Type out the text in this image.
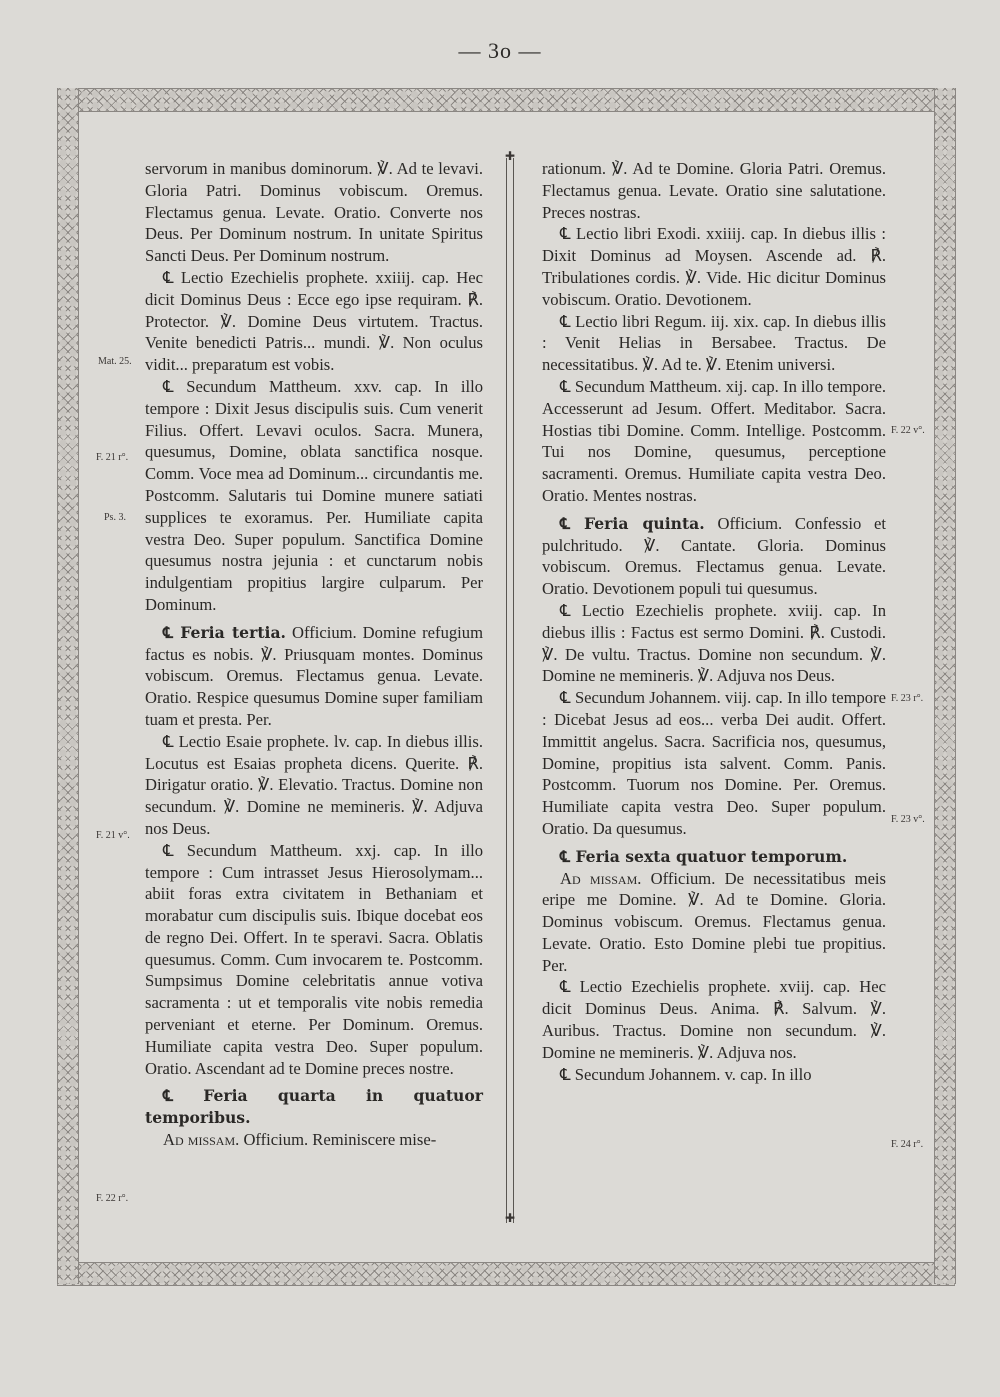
— 3o —

servorum in manibus dominorum. ℣. Ad te levavi. Gloria Patri. Dominus vobiscum. Oremus. Flectamus genua. Levate. Oratio. Converte nos Deus. Per Dominum nostrum. In unitate Spiritus Sancti Deus. Per Dominum nostrum.

℄ Lectio Ezechielis prophete. xxiiij. cap. Hec dicit Dominus Deus : Ecce ego ipse requiram. ℟. Protector. ℣. Domine Deus virtutem. Tractus. Venite benedicti Patris... mundi. ℣. Non oculus vidit... preparatum est vobis.

℄ Secundum Mattheum. xxv. cap. In illo tempore : Dixit Jesus discipulis suis. Cum venerit Filius. Offert. Levavi oculos. Sacra. Munera, quesumus, Domine, oblata sanctifica nosque. Comm. Voce mea ad Dominum... circundantis me. Postcomm. Salutaris tui Domine munere satiati supplices te exoramus. Per. Humiliate capita vestra Deo. Super populum. Sanctifica Domine quesumus nostra jejunia : et cunctarum nobis indulgentiam propitius largire culparum. Per Dominum.

℄ Feria tertia. Officium. Domine refugium factus es nobis. ℣. Priusquam montes. Dominus vobiscum. Oremus. Flectamus genua. Levate. Oratio. Respice quesumus Domine super familiam tuam et presta. Per.

℄ Lectio Esaie prophete. lv. cap. In diebus illis. Locutus est Esaias propheta dicens. Querite. ℟. Dirigatur oratio. ℣. Elevatio. Tractus. Domine non secundum. ℣. Domine ne memineris. ℣. Adjuva nos Deus.

℄ Secundum Mattheum. xxj. cap. In illo tempore : Cum intrasset Jesus Hierosolymam... abiit foras extra civitatem in Bethaniam et morabatur cum discipulis suis. Ibique docebat eos de regno Dei. Offert. In te speravi. Sacra. Oblatis quesumus. Comm. Cum invocarem te. Postcomm. Sumpsimus Domine celebritatis annue votiva sacramenta : ut et temporalis vite nobis remedia perveniant et eterne. Per Dominum. Oremus. Humiliate capita vestra Deo. Super populum. Oratio. Ascendant ad te Domine preces nostre.

℄ Feria quarta in quatuor temporibus.

Ad missam. Officium. Reminiscere mise-

✚
✚

rationum. ℣. Ad te Domine. Gloria Patri. Oremus. Flectamus genua. Levate. Oratio sine salutatione. Preces nostras.

℄ Lectio libri Exodi. xxiiij. cap. In diebus illis : Dixit Dominus ad Moysen. Ascende ad. ℟. Tribulationes cordis. ℣. Vide. Hic dicitur Dominus vobiscum. Oratio. Devotionem.

℄ Lectio libri Regum. iij. xix. cap. In diebus illis : Venit Helias in Bersabee. Tractus. De necessitatibus. ℣. Ad te. ℣. Etenim universi.

℄ Secundum Mattheum. xij. cap. In illo tempore. Accesserunt ad Jesum. Offert. Meditabor. Sacra. Hostias tibi Domine. Comm. Intellige. Postcomm. Tui nos Domine, quesumus, perceptione sacramenti. Oremus. Humiliate capita vestra Deo. Oratio. Mentes nostras.

℄ Feria quinta. Officium. Confessio et pulchritudo. ℣. Cantate. Gloria. Dominus vobiscum. Oremus. Flectamus genua. Levate. Oratio. Devotionem populi tui quesumus.

℄ Lectio Ezechielis prophete. xviij. cap. In diebus illis : Factus est sermo Domini. ℟. Custodi. ℣. De vultu. Tractus. Domine non secundum. ℣. Domine ne memineris. ℣. Adjuva nos Deus.

℄ Secundum Johannem. viij. cap. In illo tempore : Dicebat Jesus ad eos... verba Dei audit. Offert. Immittit angelus. Sacra. Sacrificia nos, quesumus, Domine, propitius ista salvent. Comm. Panis. Postcomm. Tuorum nos Domine. Per. Oremus. Humiliate capita vestra Deo. Super populum. Oratio. Da quesumus.

℄ Feria sexta quatuor temporum.

Ad missam. Officium. De necessitatibus meis eripe me Domine. ℣. Ad te Domine. Gloria. Dominus vobiscum. Oremus. Flectamus genua. Levate. Oratio. Esto Domine plebi tue propitius. Per.

℄ Lectio Ezechielis prophete. xviij. cap. Hec dicit Dominus Deus. Anima. ℟. Salvum. ℣. Auribus. Tractus. Domine non secundum. ℣. Domine ne memineris. ℣. Adjuva nos.

℄ Secundum Johannem. v. cap. In illo

Mat. 25.
F. 21 r°.
Ps. 3.
F. 21 v°.
F. 22 r°.
F. 22 v°.
F. 23 r°.
F. 23 v°.
F. 24 r°.
